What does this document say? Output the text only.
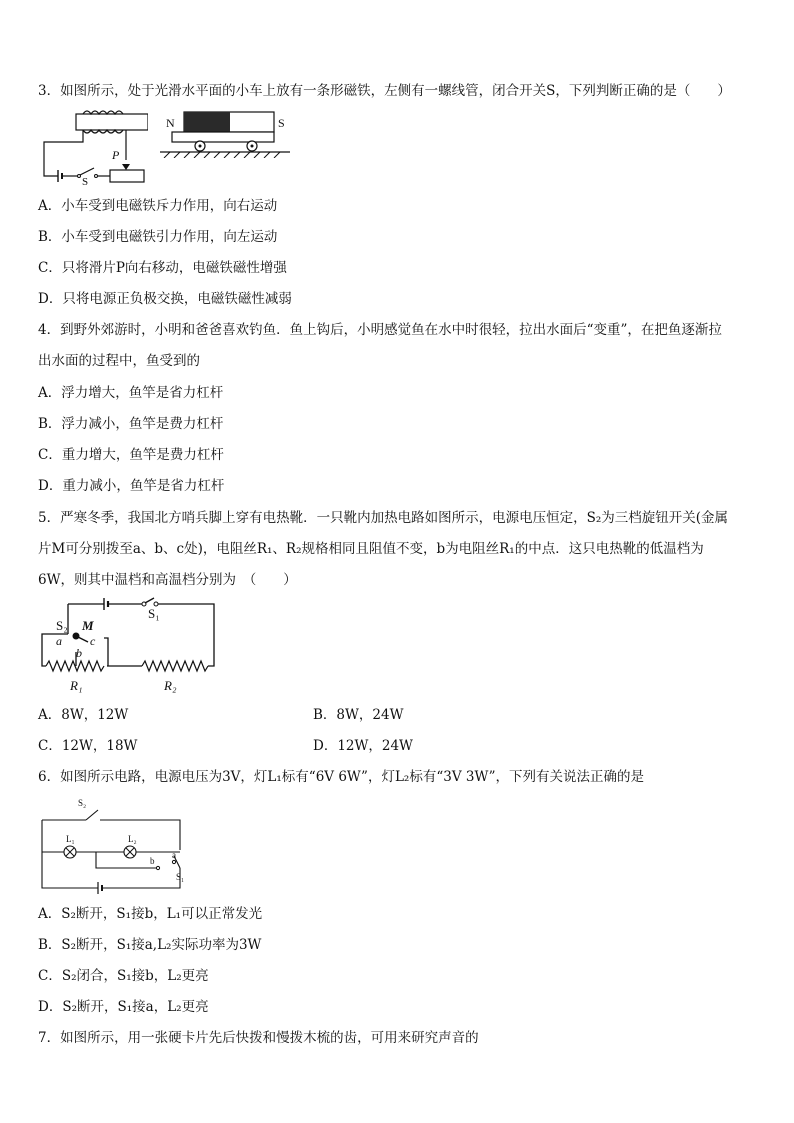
3．如图所示，处于光滑水平面的小车上放有一条形磁铁，左侧有一螺线管，闭合开关S，下列判断正确的是（　　）
P
S
N	S
A．小车受到电磁铁斥力作用，向右运动
B．小车受到电磁铁引力作用，向左运动
C．只将滑片P向右移动，电磁铁磁性增强
D．只将电源正负极交换，电磁铁磁性减弱
4．到野外郊游时，小明和爸爸喜欢钓鱼．鱼上钩后，小明感觉鱼在水中时很轻，拉出水面后“变重”，在把鱼逐渐拉
出水面的过程中，鱼受到的
A．浮力增大，鱼竿是省力杠杆
B．浮力减小，鱼竿是费力杠杆
C．重力增大，鱼竿是费力杠杆
D．重力减小，鱼竿是省力杠杆
5．严寒冬季，我国北方哨兵脚上穿有电热靴．一只靴内加热电路如图所示，电源电压恒定，S₂为三档旋钮开关(金属
片M可分别拨至a、b、c处)，电阻丝R₁、R₂规格相同且阻值不变，b为电阻丝R₁的中点．这只电热靴的低温档为
6W，则其中温档和高温档分别为　（　　）
S₁
S₂ M
a c
b
R₁	R₂
A．8W，12W	B．8W，24W
C．12W，18W	D．12W，24W
6．如图所示电路，电源电压为3V，灯L₁标有“6V 6W”，灯L₂标有“3V 3W”，下列有关说法正确的是
S₂
L₁	L₂
b
a
S₁
A．S₂断开，S₁接b，L₁可以正常发光
B．S₂断开，S₁接a,L₂实际功率为3W
C．S₂闭合，S₁接b，L₂更亮
D．S₂断开，S₁接a，L₂更亮
7．如图所示，用一张硬卡片先后快拨和慢拨木梳的齿，可用来研究声音的
